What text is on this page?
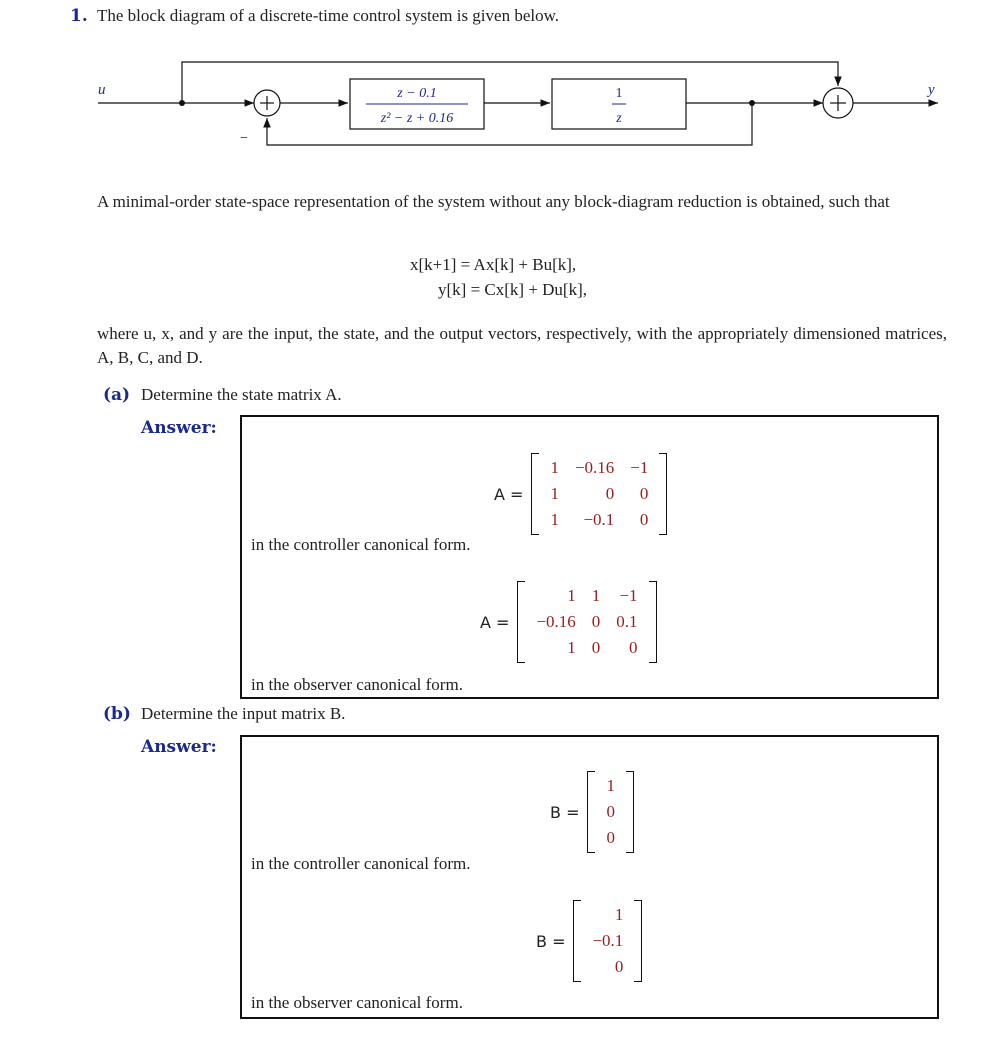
1. The block diagram of a discrete-time control system is given below.
u
−
z − 0.1
z² − z + 0.16
1
z
y
A minimal-order state-space representation of the system without any block-diagram reduction is obtained, such that
x[k+1] = Ax[k] + Bu[k],
y[k] = Cx[k] + Du[k],
where u, x, and y are the input, the state, and the output vectors, respectively, with the appropriately dimensioned matrices, A, B, C, and D.
(a) Determine the state matrix A.
Answer:
A =
1 −0.16 −1
1	0	0
1	−0.1	0
in the controller canonical form.
A =
1 1	−1
−0.16 0 0.1
1 0	0
in the observer canonical form.
(b) Determine the input matrix B.
Answer:
B =
1
0
0
in the controller canonical form.
B =
1
−0.1
0
in the observer canonical form.
